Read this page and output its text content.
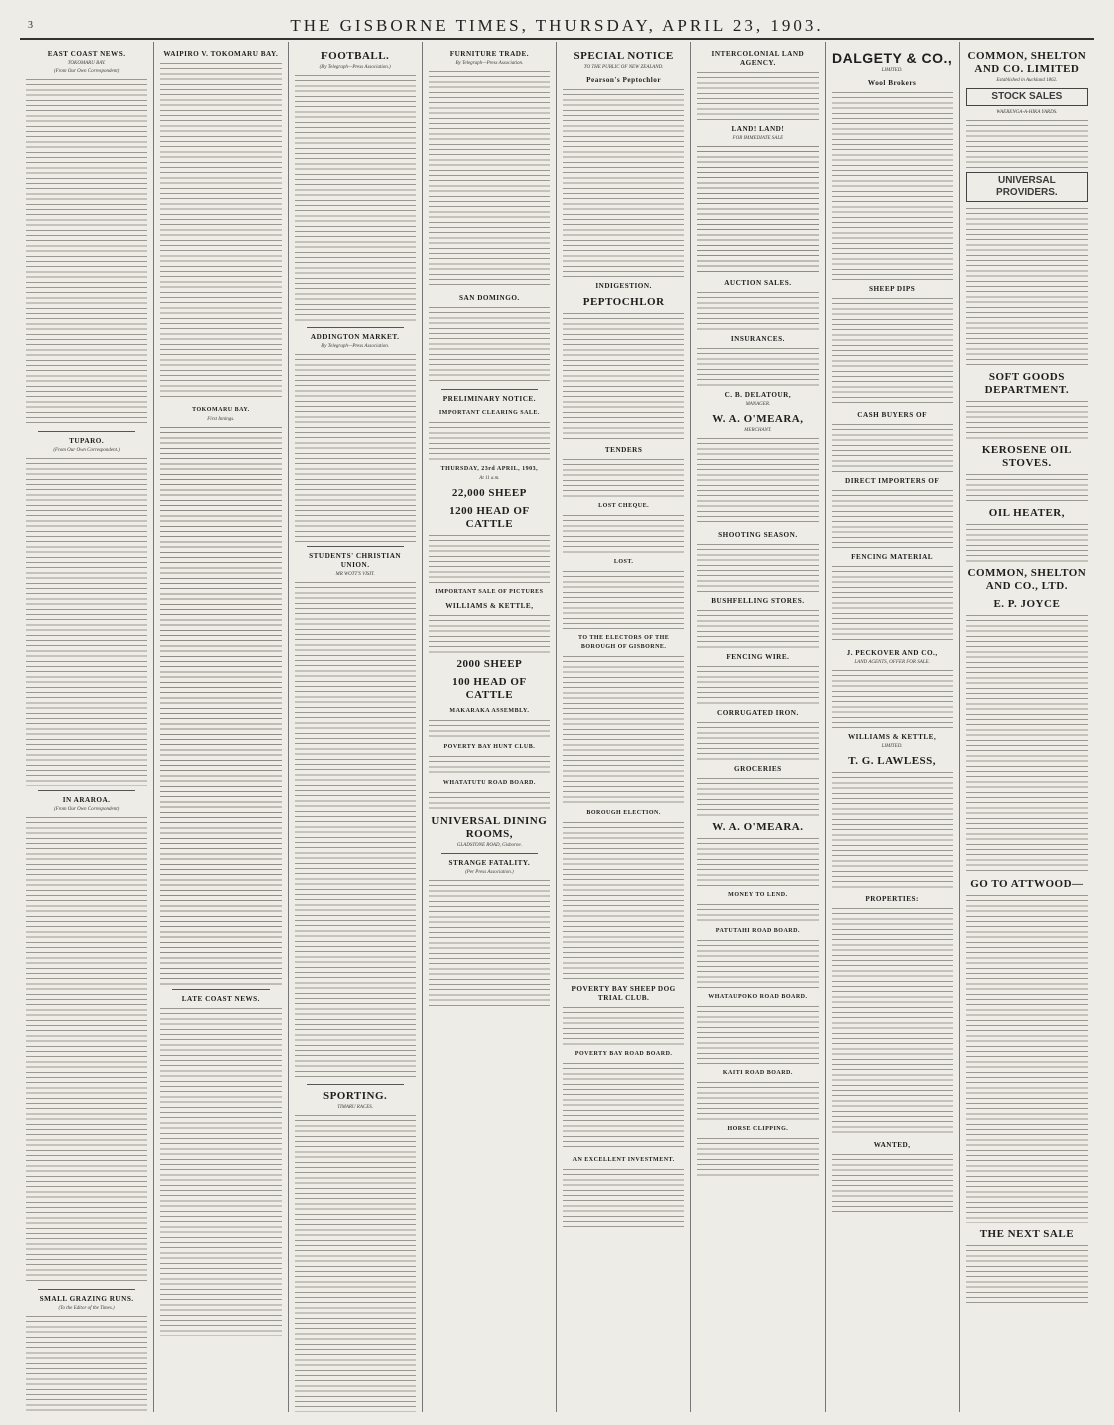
3	THE GISBORNE TIMES, THURSDAY, APRIL 23, 1903.
EAST COAST NEWS.
TOKOMARU BAY.
(From Our Own Correspondent)
TUPARO.
(From Our Own Correspondent.)
IN ARAROA.
(From Our Own Correspondent)
SMALL GRAZING RUNS.
(To the Editor of the Times.)
WAIPIRO V. TOKOMARU BAY.
TOKOMARU BAY.
First Innings.
LATE COAST NEWS.
FOOTBALL.
(By Telegraph—Press Association.)
ADDINGTON MARKET.
By Telegraph—Press Association.
STUDENTS' CHRISTIAN UNION.
MR WOTT'S VISIT.
SPORTING.
TIMARU RACES.
FURNITURE TRADE.
By Telegraph—Press Association.
SAN DOMINGO.
PRELIMINARY NOTICE.
IMPORTANT CLEARING SALE.
THURSDAY, 23rd APRIL, 1903,
At 11 a.m.
22,000 SHEEP
1200 HEAD OF CATTLE
IMPORTANT SALE OF PICTURES
WILLIAMS & KETTLE,
2000 SHEEP
100 HEAD OF CATTLE
MAKARAKA ASSEMBLY.
POVERTY BAY HUNT CLUB.
WHATATUTU ROAD BOARD.
UNIVERSAL DINING ROOMS,
GLADSTONE ROAD, Gisborne.
STRANGE FATALITY.
(Per Press Association.)
SPECIAL NOTICE
TO THE PUBLIC OF NEW ZEALAND.
Pearson's Peptochlor
INDIGESTION.
PEPTOCHLOR
TENDERS
LOST CHEQUE.
LOST.
TO THE ELECTORS OF THE BOROUGH OF GISBORNE.
BOROUGH ELECTION.
POVERTY BAY SHEEP DOG TRIAL CLUB.
POVERTY BAY ROAD BOARD.
AN EXCELLENT INVESTMENT.
INTERCOLONIAL LAND AGENCY.
LAND! LAND!
FOR IMMEDIATE SALE
AUCTION SALES.
INSURANCES.
C. B. DELATOUR,
MANAGER.
W. A. O'MEARA,
MERCHANT.
SHOOTING SEASON.
BUSHFELLING STORES.
FENCING WIRE.
CORRUGATED IRON.
GROCERIES
W. A. O'MEARA.
MONEY TO LEND.
PATUTAHI ROAD BOARD.
WHATAUPOKO ROAD BOARD.
KAITI ROAD BOARD.
HORSE CLIPPING.
DALGETY & CO.,
LIMITED.
Wool Brokers
SHEEP DIPS
CASH BUYERS OF
DIRECT IMPORTERS OF
FENCING MATERIAL
J. PECKOVER AND CO.,
LAND AGENTS, OFFER FOR SALE.
WILLIAMS & KETTLE,
LIMITED.
T. G. LAWLESS,
PROPERTIES:
WANTED,
COMMON, SHELTON AND CO. LIMITED
Established in Auckland 1862.
STOCK SALES
WAERENGA-A-HIKA YARDS.
UNIVERSAL PROVIDERS.
SOFT GOODS DEPARTMENT.
KEROSENE OIL STOVES.
OIL HEATER,
COMMON, SHELTON AND CO., LTD.
E. P. JOYCE
GO TO ATTWOOD—
THE NEXT SALE
